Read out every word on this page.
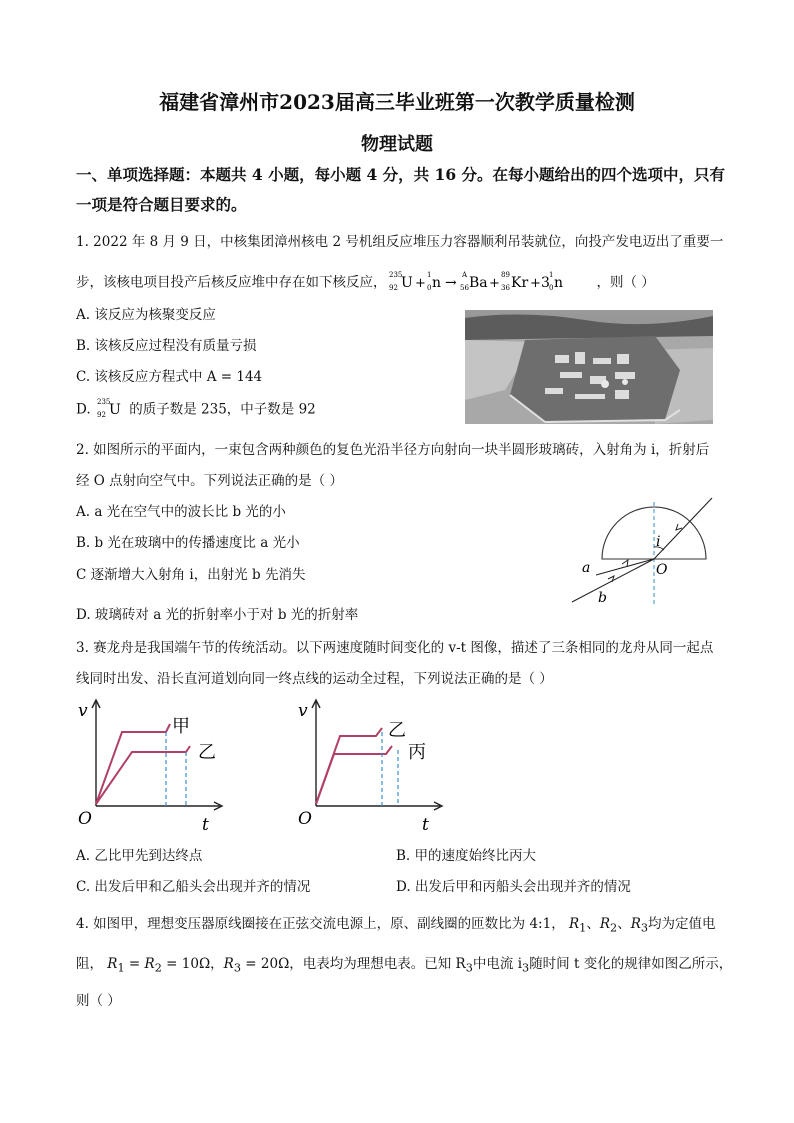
福建省漳州市2023届高三毕业班第一次教学质量检测
物理试题
一、单项选择题：本题共 4 小题，每小题 4 分，共 16 分。在每小题给出的四个选项中，只有
一项是符合题目要求的。
1. 2022 年 8 月 9 日，中核集团漳州核电 2 号机组反应堆压力容器顺利吊装就位，向投产发电迈出了重要一
步，该核电项目投产后核反应堆中存在如下核反应， 235
92 U +
1
0 n → A
56 Ba +
89
36 Kr + 3 1
0 n	，则（ ）
A. 该反应为核聚变反应
B. 该核反应过程没有质量亏损
C. 该核反应方程式中 A = 144
D. 235
92 U 的质子数是 235，中子数是 92
2. 如图所示的平面内，一束包含两种颜色的复色光沿半径方向射向一块半圆形玻璃砖，入射角为 i，折射后
经 O 点射向空气中。下列说法正确的是（ ）
A. a 光在空气中的波长比 b 光的小
B. b 光在玻璃中的传播速度比 a 光小
C 逐渐增大入射角 i，出射光 b 先消失
D. 玻璃砖对 a 光的折射率小于对 b 光的折射率
i
O
a
b
3. 赛龙舟是我国端午节的传统活动。以下两速度随时间变化的 v-t 图像，描述了三条相同的龙舟从同一起点
线同时出发、沿长直河道划向同一终点线的运动全过程，下列说法正确的是（ ）
v
t
O
甲
乙
v
t
O
乙
丙
A. 乙比甲先到达终点	B. 甲的速度始终比丙大
C. 出发后甲和乙船头会出现并齐的情况	D. 出发后甲和丙船头会出现并齐的情况
4. 如图甲，理想变压器原线圈接在正弦交流电源上，原、副线圈的匝数比为 4:1， $R_1$、$R_2$、$R_3$均为定值电
阻， $R_1 = R_2 = 10\Omega$，$R_3 = 20\Omega$，电表均为理想电表。已知 $R_3$中电流 $i_3$随时间 t 变化的规律如图乙所示，
则（ ）
